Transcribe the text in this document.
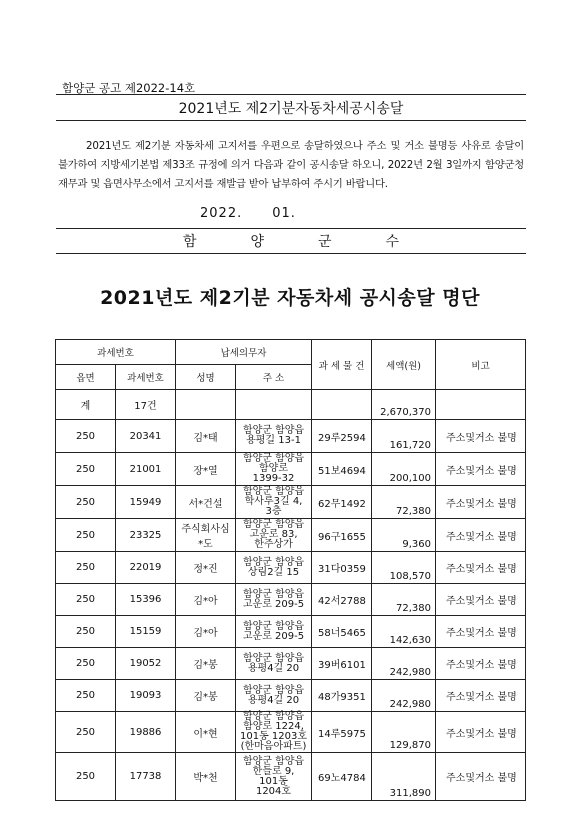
함양군 공고 제2022-14호
2021년도 제2기분자동차세공시송달
2021년도 제2기분 자동차세 고지서를 우편으로 송달하였으나 주소 및 거소 불명등 사유로 송달이 불가하여 지방세기본법 제33조 규정에 의거 다음과 같이 공시송달 하오니, 2022년 2월 3일까지 함양군청 재무과 및 읍면사무소에서 고지서를 재발급 받아 납부하여 주시기 바랍니다.
2022. 01.
함	양	군	수
2021년도 제2기분 자동차세 공시송달 명단
과세번호		납세의무자		과 세 물 건	세액(원)	비고
읍면	과세번호	성명	주 소			
계	17건				2,670,370	
250	20341	김*태	함양군 함양읍
용평길 13-1	29루2594	161,720	주소및거소 불명
250	21001	장*열	함양군 함양읍
함양로
1399-32	51보4694	200,100	주소및거소 불명
250	15949	서*건설	함양군 함양읍
학사루3길 4,
3층	62무1492	72,380	주소및거소 불명
250	23325	주식회사심
*도	함양군 함양읍
고운로 83,
한주상가	96구1655	9,360	주소및거소 불명
250	22019	정*진	함양군 함양읍
상림2길 15	31다0359	108,570	주소및거소 불명
250	15396	김*아	함양군 함양읍
고운로 209-5	42서2788	72,380	주소및거소 불명
250	15159	김*아	함양군 함양읍
고운로 209-5	58너5465	142,630	주소및거소 불명
250	19052	김*봉	함양군 함양읍
용평4길 20	39버6101	242,980	주소및거소 불명
250	19093	김*봉	함양군 함양읍
용평4길 20	48가9351	242,980	주소및거소 불명
250	19886	이*현	함양군 함양읍
함양로 1224,
101동 1203호
(한마음아파트)	14루5975	129,870	주소및거소 불명
250	17738	박*천	함양군 함양읍
한들로 9,
101동
1204호	69노4784	311,890	주소및거소 불명
